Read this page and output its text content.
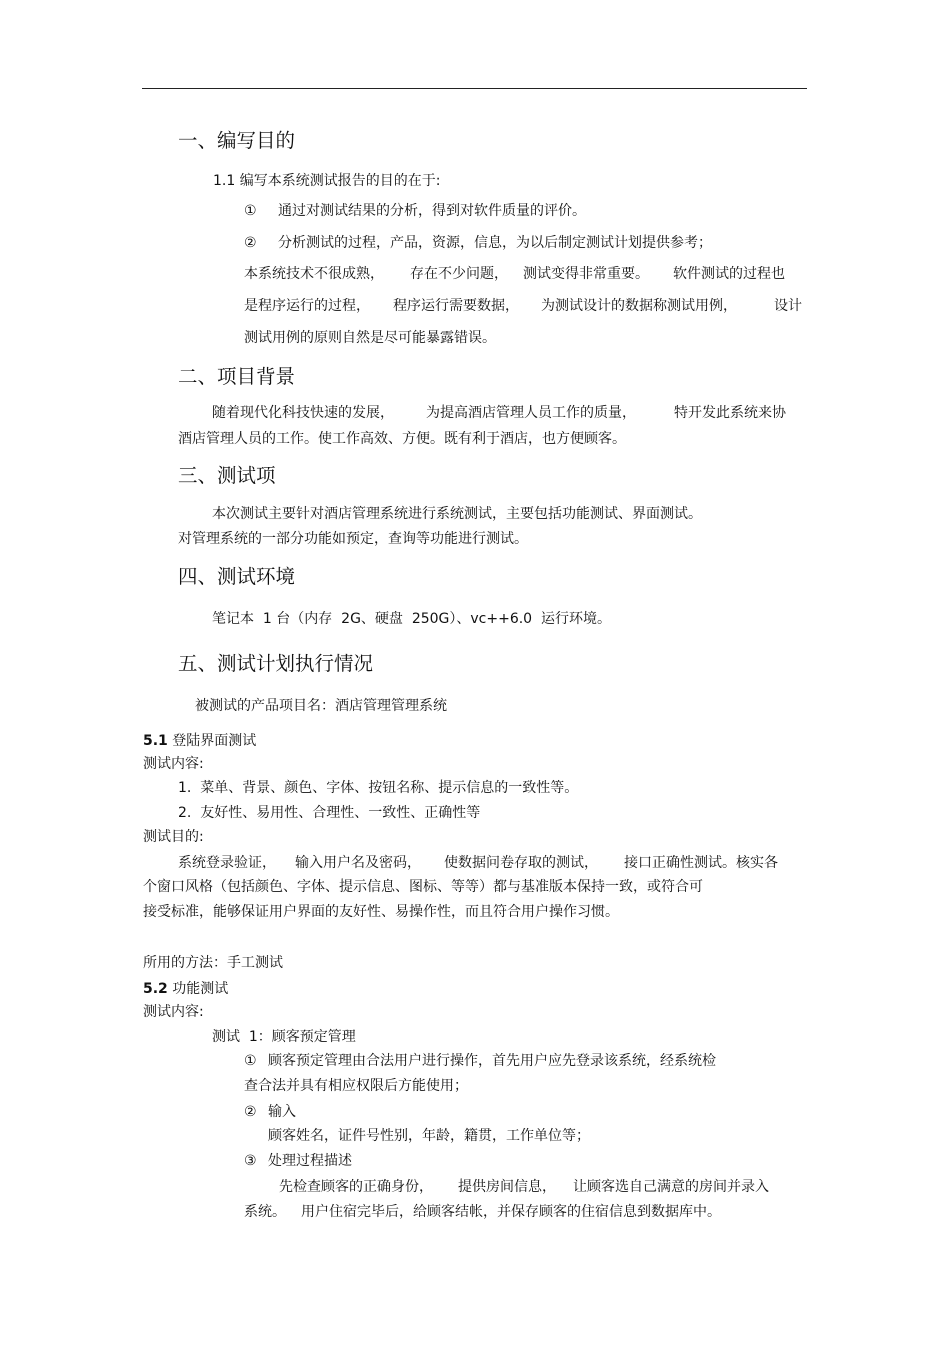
一、编写目的
1.1 编写本系统测试报告的目的在于:
① 通过对测试结果的分析，得到对软件质量的评价。
② 分析测试的过程，产品，资源，信息，为以后制定测试计划提供参考；
本系统技术不很成熟， 存在不少问题， 测试变得非常重要。 软件测试的过程也
是程序运行的过程， 程序运行需要数据， 为测试设计的数据称测试用例，	设计
测试用例的原则自然是尽可能暴露错误。
二、项目背景
随着现代化科技快速的发展， 为提高酒店管理人员工作的质量，	特开发此系统来协
酒店管理人员的工作。使工作高效、方便。既有利于酒店，也方便顾客。
三、测试项
本次测试主要针对酒店管理系统进行系统测试，主要包括功能测试、界面测试。
对管理系统的一部分功能如预定，查询等功能进行测试。
四、测试环境
笔记本  1 台（内存  2G、硬盘  250G）、vc++6.0  运行环境。
五、测试计划执行情况
被测试的产品项目名：酒店管理管理系统
5.1 登陆界面测试
测试内容:
1.  菜单、背景、颜色、字体、按钮名称、提示信息的一致性等。
2.  友好性、易用性、合理性、一致性、正确性等
测试目的:
系统登录验证， 输入用户名及密码， 使数据问卷存取的测试， 接口正确性测试。核实各
个窗口风格（包括颜色、字体、提示信息、图标、等等）都与基准版本保持一致，或符合可
接受标准，能够保证用户界面的友好性、易操作性，而且符合用户操作习惯。
所用的方法：手工测试
5.2 功能测试
测试内容:
测试  1：顾客预定管理
① 顾客预定管理由合法用户进行操作，首先用户应先登录该系统，经系统检
查合法并具有相应权限后方能使用；
② 输入
顾客姓名，证件号性别，年龄，籍贯，工作单位等；
③ 处理过程描述
先检查顾客的正确身份， 提供房间信息， 让顾客选自己满意的房间并录入
系统。 用户住宿完毕后，给顾客结帐，并保存顾客的住宿信息到数据库中。
